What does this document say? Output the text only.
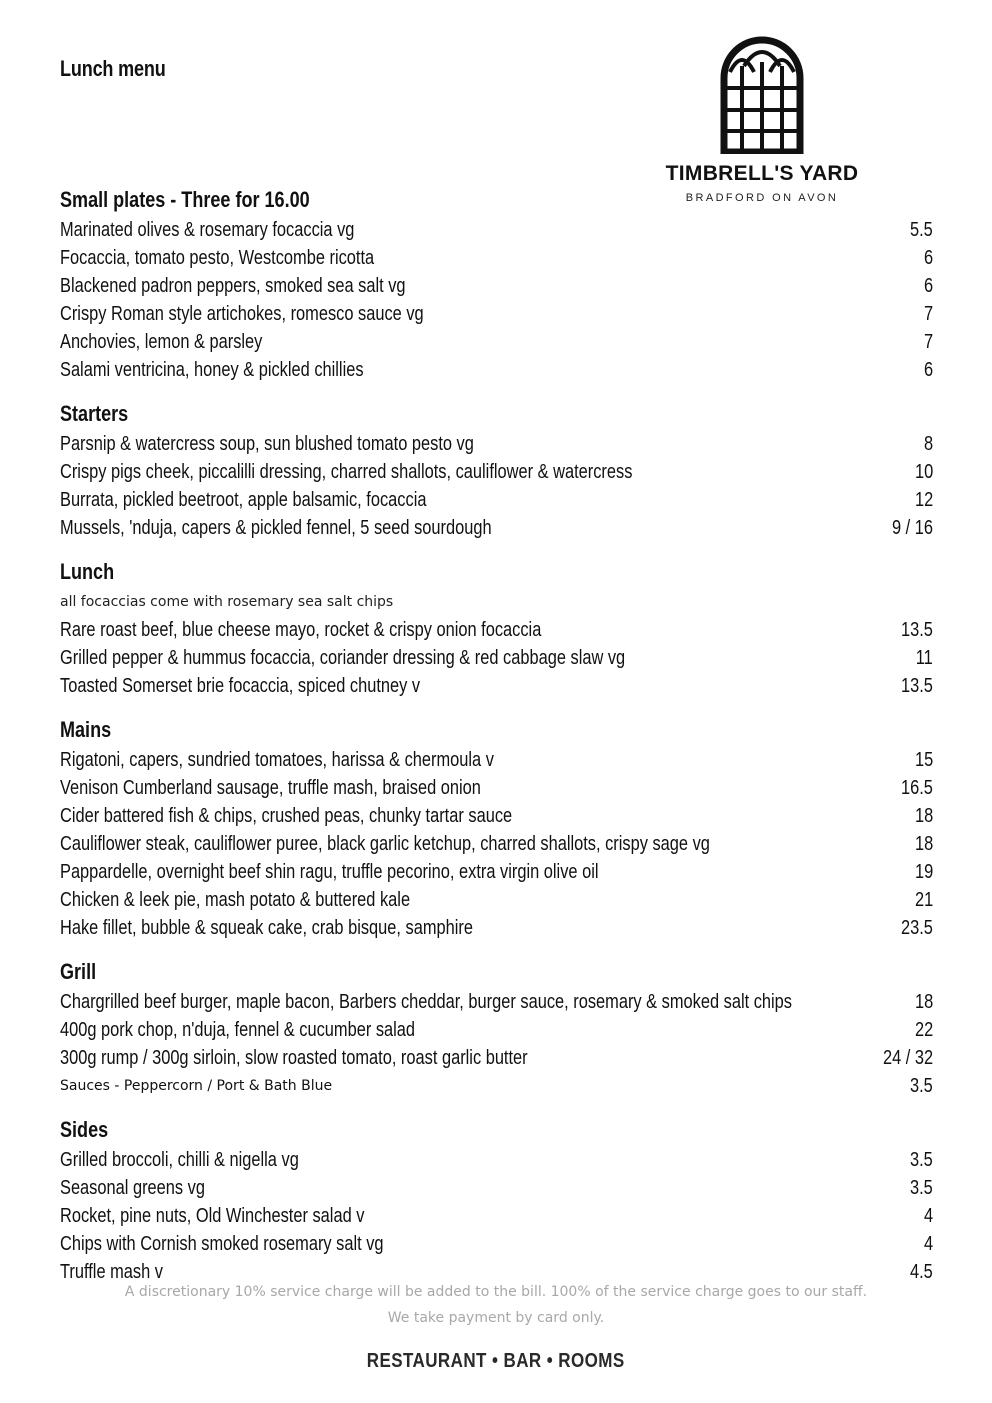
Lunch menu
TIMBRELL'S YARD
BRADFORD ON AVON
Small plates - Three for 16.00
Marinated olives & rosemary focaccia vg	5.5
Focaccia, tomato pesto, Westcombe ricotta	6
Blackened padron peppers, smoked sea salt vg	6
Crispy Roman style artichokes, romesco sauce vg	7
Anchovies, lemon & parsley	7
Salami ventricina, honey & pickled chillies	6
Starters
Parsnip & watercress soup, sun blushed tomato pesto vg	8
Crispy pigs cheek, piccalilli dressing, charred shallots, cauliflower & watercress	10
Burrata, pickled beetroot, apple balsamic, focaccia	12
Mussels, 'nduja, capers & pickled fennel, 5 seed sourdough	9 / 16
Lunch
all focaccias come with rosemary sea salt chips
Rare roast beef, blue cheese mayo, rocket & crispy onion focaccia	13.5
Grilled pepper & hummus focaccia, coriander dressing & red cabbage slaw vg	11
Toasted Somerset brie focaccia, spiced chutney v	13.5
Mains
Rigatoni, capers, sundried tomatoes, harissa & chermoula v	15
Venison Cumberland sausage, truffle mash, braised onion	16.5
Cider battered fish & chips, crushed peas, chunky tartar sauce	18
Cauliflower steak, cauliflower puree, black garlic ketchup, charred shallots, crispy sage vg	18
Pappardelle, overnight beef shin ragu, truffle pecorino, extra virgin olive oil	19
Chicken & leek pie, mash potato & buttered kale	21
Hake fillet, bubble & squeak cake, crab bisque, samphire	23.5
Grill
Chargrilled beef burger, maple bacon, Barbers cheddar, burger sauce, rosemary & smoked salt chips	18
400g pork chop, n'duja, fennel & cucumber salad	22
300g rump / 300g sirloin, slow roasted tomato, roast garlic butter	24 / 32
Sauces - Peppercorn / Port & Bath Blue	3.5
Sides
Grilled broccoli, chilli & nigella vg	3.5
Seasonal greens vg	3.5
Rocket, pine nuts, Old Winchester salad v	4
Chips with Cornish smoked rosemary salt vg	4
Truffle mash v	4.5
A discretionary 10% service charge will be added to the bill. 100% of the service charge goes to our staff.
We take payment by card only.
RESTAURANT • BAR • ROOMS
